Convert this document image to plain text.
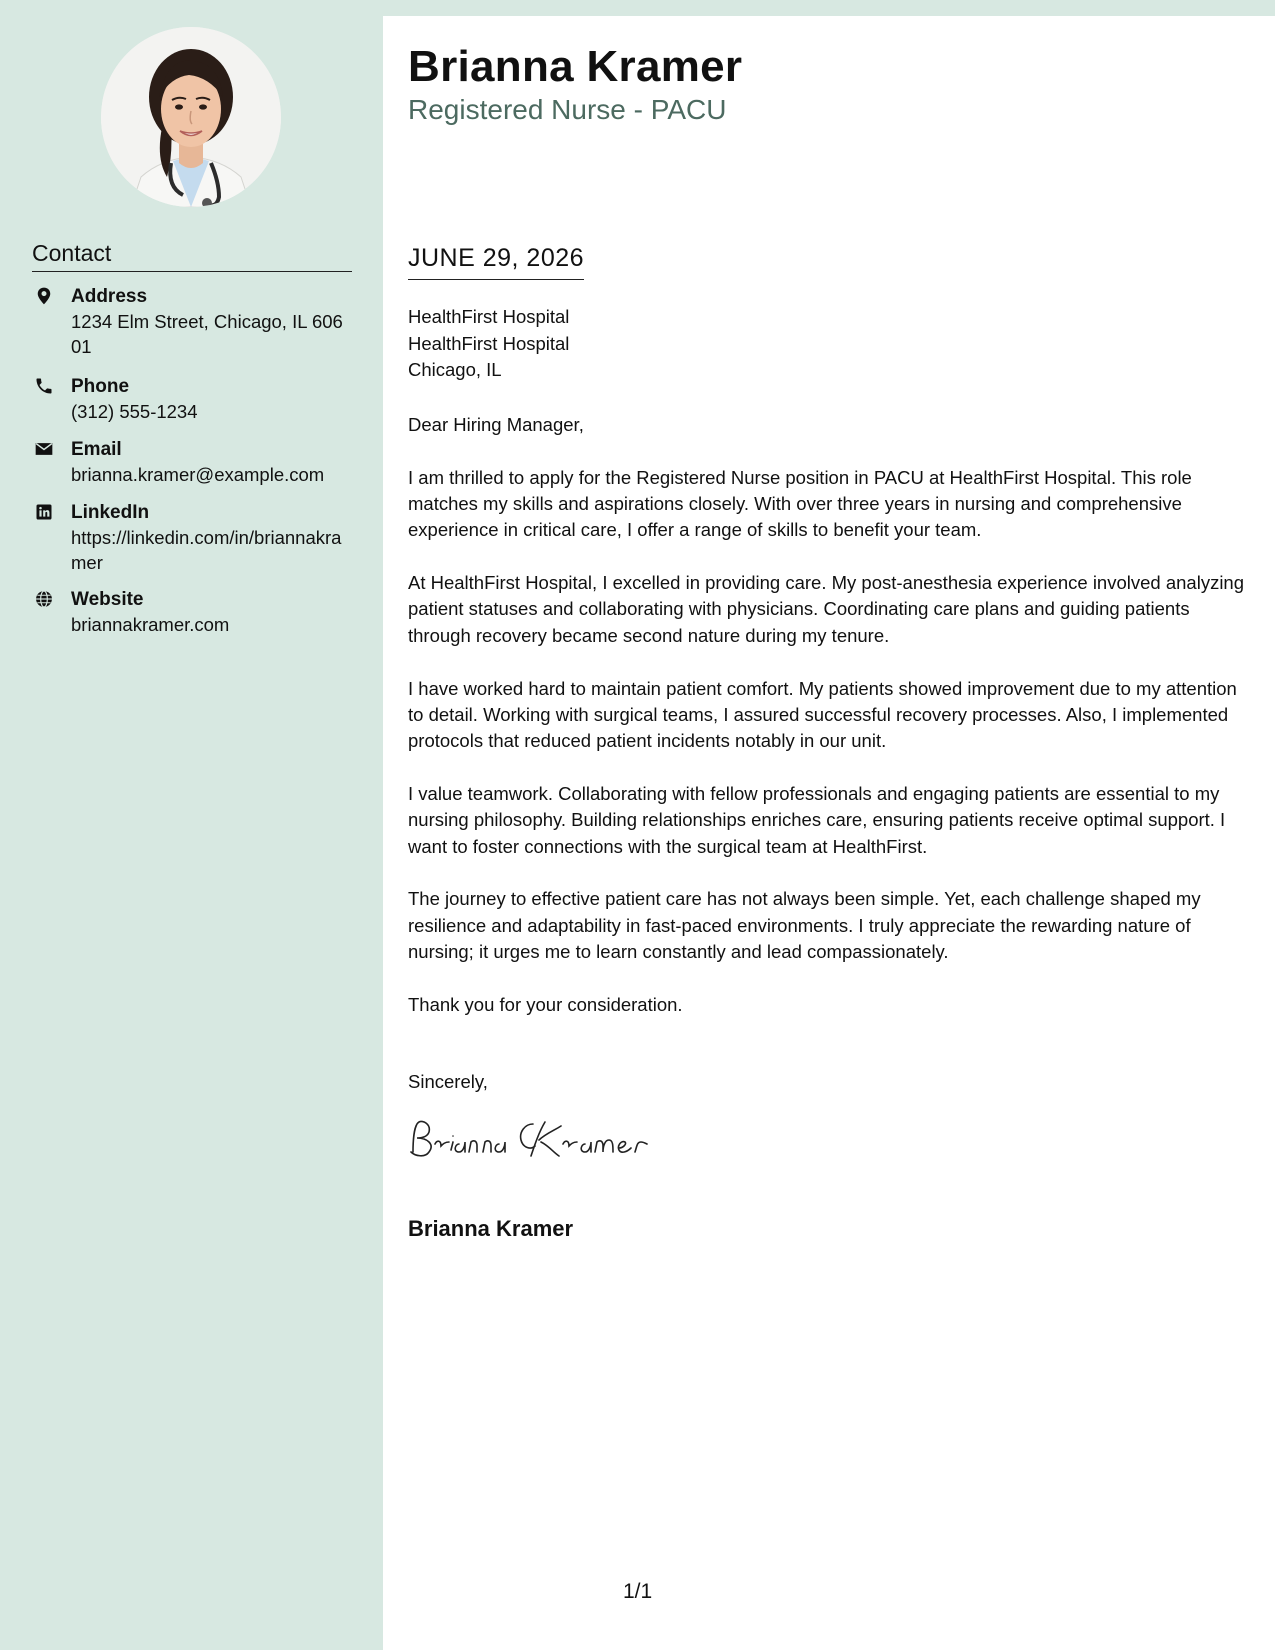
Contact
Address
1234 Elm Street, Chicago, IL 60601
Phone
(312) 555-1234
Email
brianna.kramer@example.com
LinkedIn
https://linkedin.com/in/briannakramer
Website
briannakramer.com
Brianna Kramer
Registered Nurse - PACU
JUNE 29, 2026
HealthFirst Hospital
HealthFirst Hospital
Chicago, IL

Dear Hiring Manager,

I am thrilled to apply for the Registered Nurse position in PACU at HealthFirst Hospital. This role matches my skills and aspirations closely. With over three years in nursing and comprehensive experience in critical care, I offer a range of skills to benefit your team.

At HealthFirst Hospital, I excelled in providing care. My post-anesthesia experience involved analyzing patient statuses and collaborating with physicians. Coordinating care plans and guiding patients through recovery became second nature during my tenure.

I have worked hard to maintain patient comfort. My patients showed improvement due to my attention to detail. Working with surgical teams, I assured successful recovery processes. Also, I implemented protocols that reduced patient incidents notably in our unit.

I value teamwork. Collaborating with fellow professionals and engaging patients are essential to my nursing philosophy. Building relationships enriches care, ensuring patients receive optimal support. I want to foster connections with the surgical team at HealthFirst.

The journey to effective patient care has not always been simple. Yet, each challenge shaped my resilience and adaptability in fast-paced environments. I truly appreciate the rewarding nature of nursing; it urges me to learn constantly and lead compassionately.

Thank you for your consideration.

Sincerely,
Brianna Kramer
1/1
